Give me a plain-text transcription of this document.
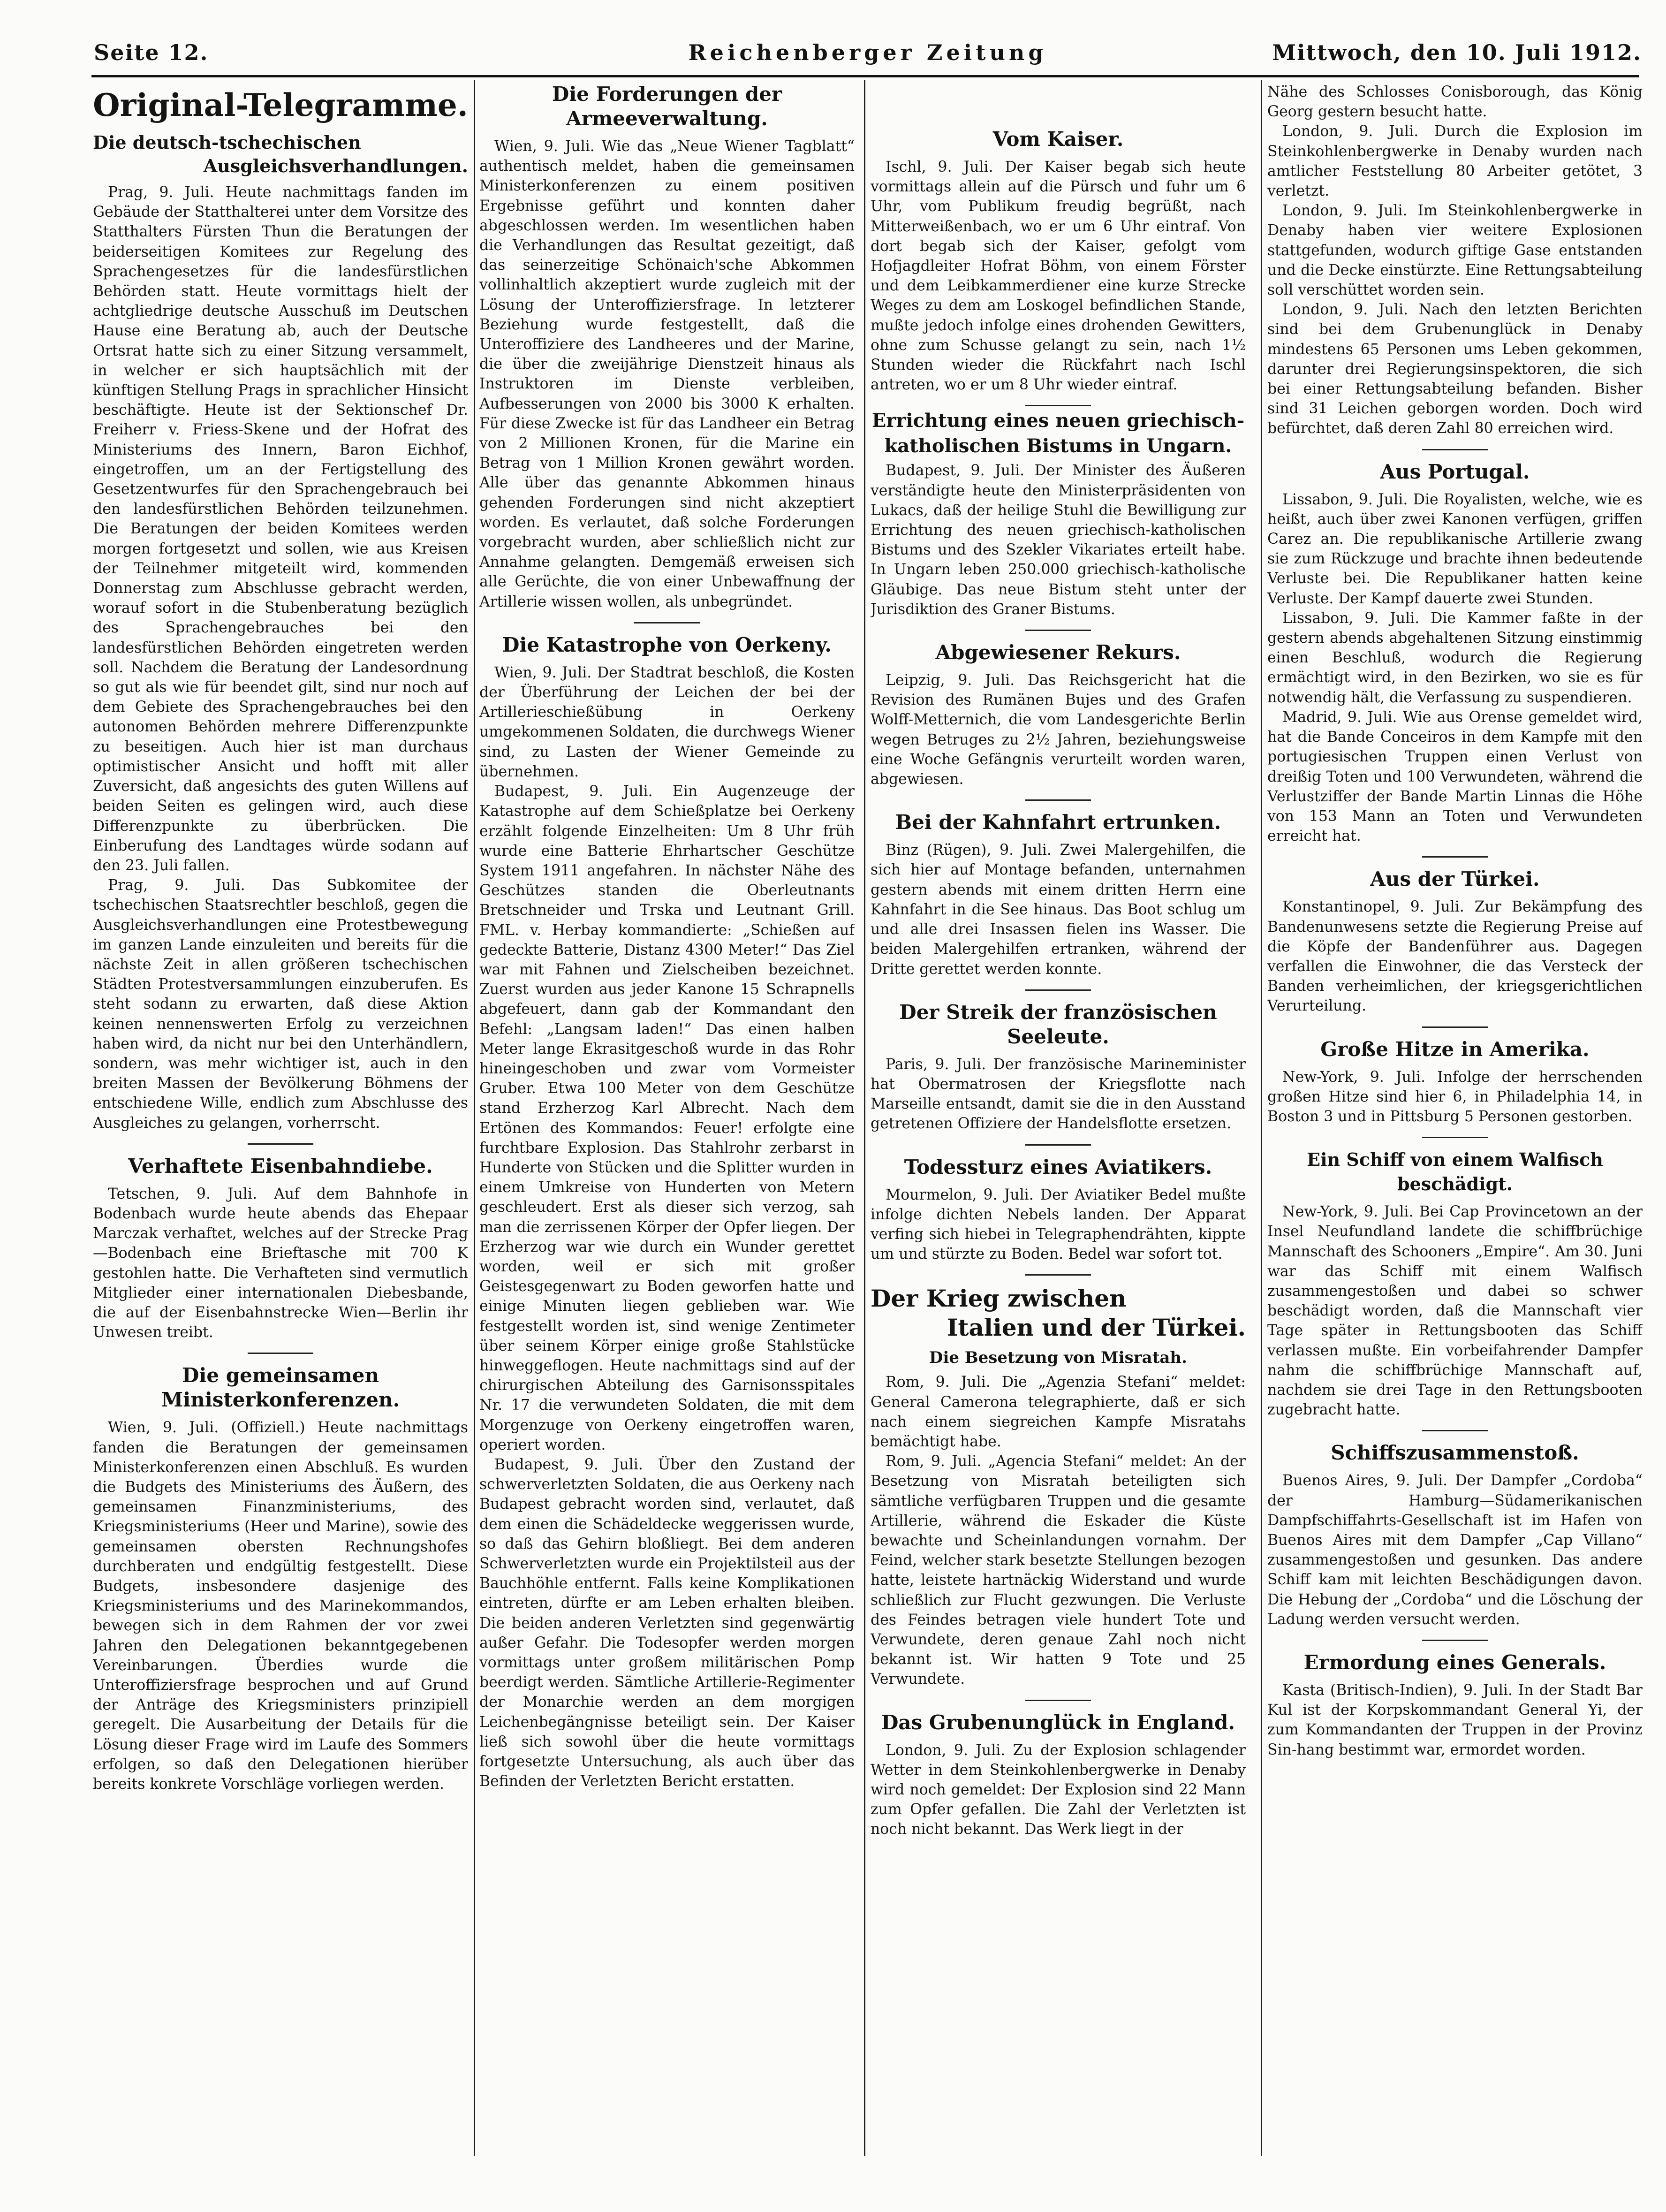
Seite 12.	Reichenberger Zeitung	Mittwoch, den 10. Juli 1912.
Original-Telegramme.
Die deutsch-tschechischen
Ausgleichsverhandlungen.

Prag, 9. Juli. Heute nachmittags fanden im Gebäude der Statthalterei unter dem Vorsitze des Statthalters Fürsten Thun die Beratungen der beiderseitigen Komitees zur Regelung des Sprachengesetzes für die landesfürstlichen Behörden statt. Heute vormittags hielt der achtgliedrige deutsche Ausschuß im Deutschen Hause eine Beratung ab, auch der Deutsche Ortsrat hatte sich zu einer Sitzung versammelt, in welcher er sich hauptsächlich mit der künftigen Stellung Prags in sprachlicher Hinsicht beschäftigte. Heute ist der Sektionschef Dr. Freiherr v. Friess-Skene und der Hofrat des Ministeriums des Innern, Baron Eichhof, eingetroffen, um an der Fertigstellung des Gesetzentwurfes für den Sprachengebrauch bei den landesfürstlichen Behörden teilzunehmen. Die Beratungen der beiden Komitees werden morgen fortgesetzt und sollen, wie aus Kreisen der Teilnehmer mitgeteilt wird, kommenden Donnerstag zum Abschlusse gebracht werden, worauf sofort in die Stubenberatung bezüglich des Sprachengebrauches bei den landesfürstlichen Behörden eingetreten werden soll. Nachdem die Beratung der Landesordnung so gut als wie für beendet gilt, sind nur noch auf dem Gebiete des Sprachengebrauches bei den autonomen Behörden mehrere Differenzpunkte zu beseitigen. Auch hier ist man durchaus optimistischer Ansicht und hofft mit aller Zuversicht, daß angesichts des guten Willens auf beiden Seiten es gelingen wird, auch diese Differenzpunkte zu überbrücken. Die Einberufung des Landtages würde sodann auf den 23. Juli fallen.

Prag, 9. Juli. Das Subkomitee der tschechischen Staatsrechtler beschloß, gegen die Ausgleichsverhandlungen eine Protestbewegung im ganzen Lande einzuleiten und bereits für die nächste Zeit in allen größeren tschechischen Städten Protestversammlungen einzuberufen. Es steht sodann zu erwarten, daß diese Aktion keinen nennenswerten Erfolg zu verzeichnen haben wird, da nicht nur bei den Unterhändlern, sondern, was mehr wichtiger ist, auch in den breiten Massen der Bevölkerung Böhmens der entschiedene Wille, endlich zum Abschlusse des Ausgleiches zu gelangen, vorherrscht.

Verhaftete Eisenbahndiebe.

Tetschen, 9. Juli. Auf dem Bahnhofe in Bodenbach wurde heute abends das Ehepaar Marczak verhaftet, welches auf der Strecke Prag—Bodenbach eine Brieftasche mit 700 K gestohlen hatte. Die Verhafteten sind vermutlich Mitglieder einer internationalen Diebesbande, die auf der Eisenbahnstrecke Wien—Berlin ihr Unwesen treibt.

Die gemeinsamen Ministerkonferenzen.

Wien, 9. Juli. (Offiziell.) Heute nachmittags fanden die Beratungen der gemeinsamen Ministerkonferenzen einen Abschluß. Es wurden die Budgets des Ministeriums des Äußern, des gemeinsamen Finanzministeriums, des Kriegsministeriums (Heer und Marine), sowie des gemeinsamen obersten Rechnungshofes durchberaten und endgültig festgestellt. Diese Budgets, insbesondere dasjenige des Kriegsministeriums und des Marinekommandos, bewegen sich in dem Rahmen der vor zwei Jahren den Delegationen bekanntgegebenen Vereinbarungen. Überdies wurde die Unteroffiziersfrage besprochen und auf Grund der Anträge des Kriegsministers prinzipiell geregelt. Die Ausarbeitung der Details für die Lösung dieser Frage wird im Laufe des Sommers erfolgen, so daß den Delegationen hierüber bereits konkrete Vorschläge vorliegen werden.

Die Forderungen der Armeeverwaltung.

Wien, 9. Juli. Wie das „Neue Wiener Tagblatt“ authentisch meldet, haben die gemeinsamen Ministerkonferenzen zu einem positiven Ergebnisse geführt und konnten daher abgeschlossen werden. Im wesentlichen haben die Verhandlungen das Resultat gezeitigt, daß das seinerzeitige Schönaich'sche Abkommen vollinhaltlich akzeptiert wurde zugleich mit der Lösung der Unteroffiziersfrage. In letzterer Beziehung wurde festgestellt, daß die Unteroffiziere des Landheeres und der Marine, die über die zweijährige Dienstzeit hinaus als Instruktoren im Dienste verbleiben, Aufbesserungen von 2000 bis 3000 K erhalten. Für diese Zwecke ist für das Landheer ein Betrag von 2 Millionen Kronen, für die Marine ein Betrag von 1 Million Kronen gewährt worden. Alle über das genannte Abkommen hinaus gehenden Forderungen sind nicht akzeptiert worden. Es verlautet, daß solche Forderungen vorgebracht wurden, aber schließlich nicht zur Annahme gelangten. Demgemäß erweisen sich alle Gerüchte, die von einer Unbewaffnung der Artillerie wissen wollen, als unbegründet.

Die Katastrophe von Oerkeny.

Wien, 9. Juli. Der Stadtrat beschloß, die Kosten der Überführung der Leichen der bei der Artillerieschießübung in Oerkeny umgekommenen Soldaten, die durchwegs Wiener sind, zu Lasten der Wiener Gemeinde zu übernehmen.

Budapest, 9. Juli. Ein Augenzeuge der Katastrophe auf dem Schießplatze bei Oerkeny erzählt folgende Einzelheiten: Um 8 Uhr früh wurde eine Batterie Ehrhartscher Geschütze System 1911 angefahren. In nächster Nähe des Geschützes standen die Oberleutnants Bretschneider und Trska und Leutnant Grill. FML. v. Herbay kommandierte: „Schießen auf gedeckte Batterie, Distanz 4300 Meter!“ Das Ziel war mit Fahnen und Zielscheiben bezeichnet. Zuerst wurden aus jeder Kanone 15 Schrapnells abgefeuert, dann gab der Kommandant den Befehl: „Langsam laden!“ Das einen halben Meter lange Ekrasitgeschoß wurde in das Rohr hineingeschoben und zwar vom Vormeister Gruber. Etwa 100 Meter von dem Geschütze stand Erzherzog Karl Albrecht. Nach dem Ertönen des Kommandos: Feuer! erfolgte eine furchtbare Explosion. Das Stahlrohr zerbarst in Hunderte von Stücken und die Splitter wurden in einem Umkreise von Hunderten von Metern geschleudert. Erst als dieser sich verzog, sah man die zerrissenen Körper der Opfer liegen. Der Erzherzog war wie durch ein Wunder gerettet worden, weil er sich mit großer Geistesgegenwart zu Boden geworfen hatte und einige Minuten liegen geblieben war. Wie festgestellt worden ist, sind wenige Zentimeter über seinem Körper einige große Stahlstücke hinweggeflogen. Heute nachmittags sind auf der chirurgischen Abteilung des Garnisonsspitales Nr. 17 die verwundeten Soldaten, die mit dem Morgenzuge von Oerkeny eingetroffen waren, operiert worden.

Budapest, 9. Juli. Über den Zustand der schwerverletzten Soldaten, die aus Oerkeny nach Budapest gebracht worden sind, verlautet, daß dem einen die Schädeldecke weggerissen wurde, so daß das Gehirn bloßliegt. Bei dem anderen Schwerverletzten wurde ein Projektilsteil aus der Bauchhöhle entfernt. Falls keine Komplikationen eintreten, dürfte er am Leben erhalten bleiben. Die beiden anderen Verletzten sind gegenwärtig außer Gefahr. Die Todesopfer werden morgen vormittags unter großem militärischen Pomp beerdigt werden. Sämtliche Artillerie-Regimenter der Monarchie werden an dem morgigen Leichenbegängnisse beteiligt sein. Der Kaiser ließ sich sowohl über die heute vormittags fortgesetzte Untersuchung, als auch über das Befinden der Verletzten Bericht erstatten.

Vom Kaiser.

Ischl, 9. Juli. Der Kaiser begab sich heute vormittags allein auf die Pürsch und fuhr um 6 Uhr, vom Publikum freudig begrüßt, nach Mitterweißenbach, wo er um 6 Uhr eintraf. Von dort begab sich der Kaiser, gefolgt vom Hofjagdleiter Hofrat Böhm, von einem Förster und dem Leibkammerdiener eine kurze Strecke Weges zu dem am Loskogel befindlichen Stande, mußte jedoch infolge eines drohenden Gewitters, ohne zum Schusse gelangt zu sein, nach 1½ Stunden wieder die Rückfahrt nach Ischl antreten, wo er um 8 Uhr wieder eintraf.

Errichtung eines neuen griechisch-
katholischen Bistums in Ungarn.

Budapest, 9. Juli. Der Minister des Äußeren verständigte heute den Ministerpräsidenten von Lukacs, daß der heilige Stuhl die Bewilligung zur Errichtung des neuen griechisch-katholischen Bistums und des Szekler Vikariates erteilt habe. In Ungarn leben 250.000 griechisch-katholische Gläubige. Das neue Bistum steht unter der Jurisdiktion des Graner Bistums.

Abgewiesener Rekurs.

Leipzig, 9. Juli. Das Reichsgericht hat die Revision des Rumänen Bujes und des Grafen Wolff-Metternich, die vom Landesgerichte Berlin wegen Betruges zu 2½ Jahren, beziehungsweise eine Woche Gefängnis verurteilt worden waren, abgewiesen.

Bei der Kahnfahrt ertrunken.

Binz (Rügen), 9. Juli. Zwei Malergehilfen, die sich hier auf Montage befanden, unternahmen gestern abends mit einem dritten Herrn eine Kahnfahrt in die See hinaus. Das Boot schlug um und alle drei Insassen fielen ins Wasser. Die beiden Malergehilfen ertranken, während der Dritte gerettet werden konnte.

Der Streik der französischen Seeleute.

Paris, 9. Juli. Der französische Marineminister hat Obermatrosen der Kriegsflotte nach Marseille entsandt, damit sie die in den Ausstand getretenen Offiziere der Handelsflotte ersetzen.

Todessturz eines Aviatikers.

Mourmelon, 9. Juli. Der Aviatiker Bedel mußte infolge dichten Nebels landen. Der Apparat verfing sich hiebei in Telegraphendrähten, kippte um und stürzte zu Boden. Bedel war sofort tot.

Der Krieg zwischen
Italien und der Türkei.
Die Besetzung von Misratah.

Rom, 9. Juli. Die „Agenzia Stefani“ meldet: General Camerona telegraphierte, daß er sich nach einem siegreichen Kampfe Misratahs bemächtigt habe.

Rom, 9. Juli. „Agencia Stefani“ meldet: An der Besetzung von Misratah beteiligten sich sämtliche verfügbaren Truppen und die gesamte Artillerie, während die Eskader die Küste bewachte und Scheinlandungen vornahm. Der Feind, welcher stark besetzte Stellungen bezogen hatte, leistete hartnäckig Widerstand und wurde schließlich zur Flucht gezwungen. Die Verluste des Feindes betragen viele hundert Tote und Verwundete, deren genaue Zahl noch nicht bekannt ist. Wir hatten 9 Tote und 25 Verwundete.

Das Grubenunglück in England.

London, 9. Juli. Zu der Explosion schlagender Wetter in dem Steinkohlenbergwerke in Denaby wird noch gemeldet: Der Explosion sind 22 Mann zum Opfer gefallen. Die Zahl der Verletzten ist noch nicht bekannt. Das Werk liegt in der

Nähe des Schlosses Conisborough, das König Georg gestern besucht hatte.

London, 9. Juli. Durch die Explosion im Steinkohlenbergwerke in Denaby wurden nach amtlicher Feststellung 80 Arbeiter getötet, 3 verletzt.

London, 9. Juli. Im Steinkohlenbergwerke in Denaby haben vier weitere Explosionen stattgefunden, wodurch giftige Gase entstanden und die Decke einstürzte. Eine Rettungsabteilung soll verschüttet worden sein.

London, 9. Juli. Nach den letzten Berichten sind bei dem Grubenunglück in Denaby mindestens 65 Personen ums Leben gekommen, darunter drei Regierungsinspektoren, die sich bei einer Rettungsabteilung befanden. Bisher sind 31 Leichen geborgen worden. Doch wird befürchtet, daß deren Zahl 80 erreichen wird.

Aus Portugal.

Lissabon, 9. Juli. Die Royalisten, welche, wie es heißt, auch über zwei Kanonen verfügen, griffen Carez an. Die republikanische Artillerie zwang sie zum Rückzuge und brachte ihnen bedeutende Verluste bei. Die Republikaner hatten keine Verluste. Der Kampf dauerte zwei Stunden.

Lissabon, 9. Juli. Die Kammer faßte in der gestern abends abgehaltenen Sitzung einstimmig einen Beschluß, wodurch die Regierung ermächtigt wird, in den Bezirken, wo sie es für notwendig hält, die Verfassung zu suspendieren.

Madrid, 9. Juli. Wie aus Orense gemeldet wird, hat die Bande Conceiros in dem Kampfe mit den portugiesischen Truppen einen Verlust von dreißig Toten und 100 Verwundeten, während die Verlustziffer der Bande Martin Linnas die Höhe von 153 Mann an Toten und Verwundeten erreicht hat.

Aus der Türkei.

Konstantinopel, 9. Juli. Zur Bekämpfung des Bandenunwesens setzte die Regierung Preise auf die Köpfe der Bandenführer aus. Dagegen verfallen die Einwohner, die das Versteck der Banden verheimlichen, der kriegsgerichtlichen Verurteilung.

Große Hitze in Amerika.

New-York, 9. Juli. Infolge der herrschenden großen Hitze sind hier 6, in Philadelphia 14, in Boston 3 und in Pittsburg 5 Personen gestorben.

Ein Schiff von einem Walfisch beschädigt.

New-York, 9. Juli. Bei Cap Provincetown an der Insel Neufundland landete die schiffbrüchige Mannschaft des Schooners „Empire“. Am 30. Juni war das Schiff mit einem Walfisch zusammengestoßen und dabei so schwer beschädigt worden, daß die Mannschaft vier Tage später in Rettungsbooten das Schiff verlassen mußte. Ein vorbeifahrender Dampfer nahm die schiffbrüchige Mannschaft auf, nachdem sie drei Tage in den Rettungsbooten zugebracht hatte.

Schiffszusammenstoß.

Buenos Aires, 9. Juli. Der Dampfer „Cordoba“ der Hamburg—Südamerikanischen Dampfschiffahrts-Gesellschaft ist im Hafen von Buenos Aires mit dem Dampfer „Cap Villano“ zusammengestoßen und gesunken. Das andere Schiff kam mit leichten Beschädigungen davon. Die Hebung der „Cordoba“ und die Löschung der Ladung werden versucht werden.

Ermordung eines Generals.

Kasta (Britisch-Indien), 9. Juli. In der Stadt Bar Kul ist der Korpskommandant General Yi, der zum Kommandanten der Truppen in der Provinz Sin-hang bestimmt war, ermordet worden.
